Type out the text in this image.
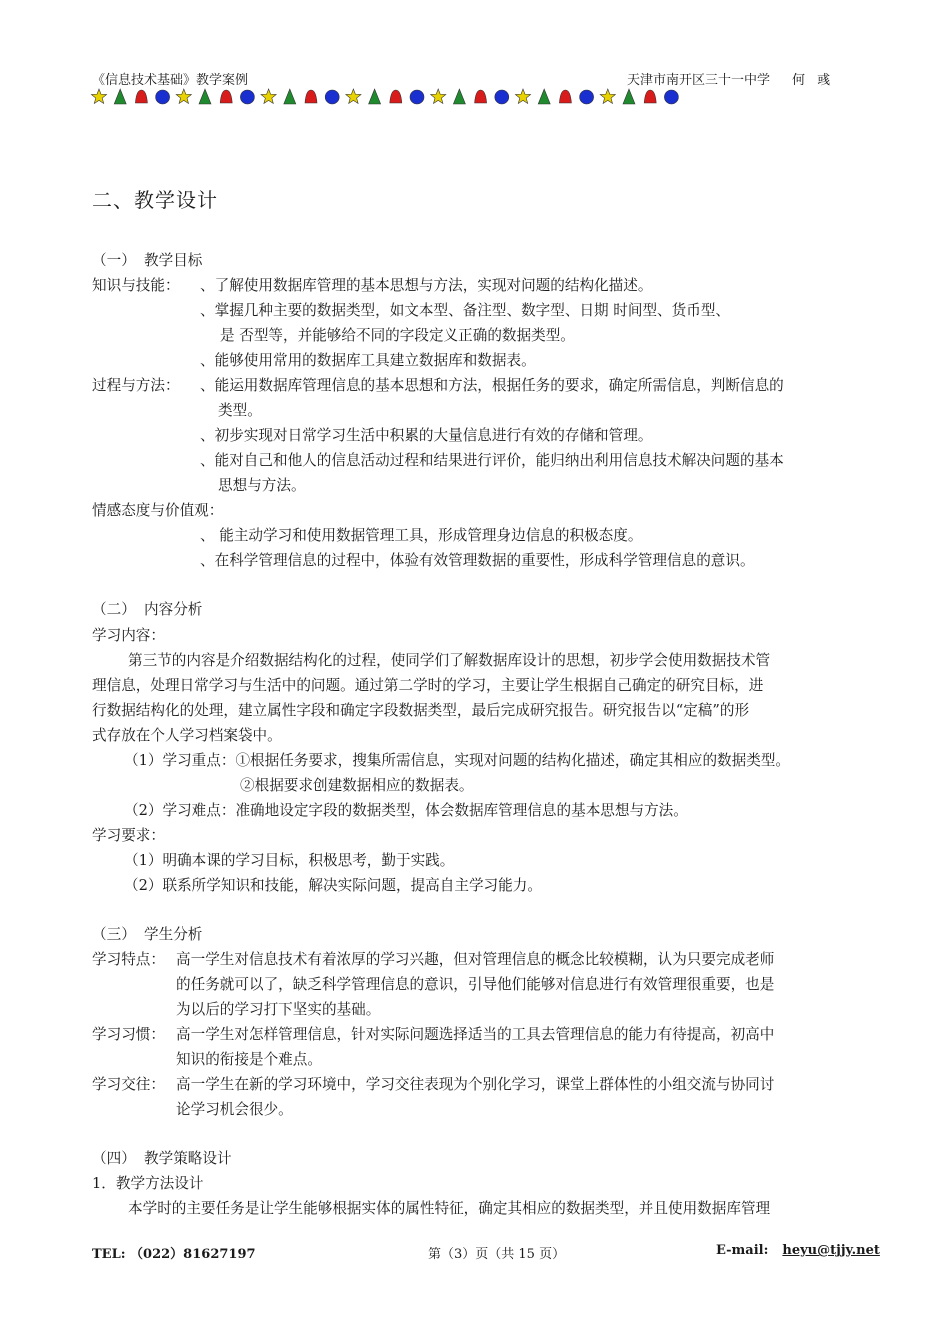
《信息技术基础》教学案例	天津市南开区三十一中学 何 彧
二、教学设计
（一） 教学目标
知识与技能： 、了解使用数据库管理的基本思想与方法，实现对问题的结构化描述。
、掌握几种主要的数据类型，如文本型、备注型、数字型、日期 时间型、货币型、
是 否型等，并能够给不同的字段定义正确的数据类型。
、能够使用常用的数据库工具建立数据库和数据表。
过程与方法： 、能运用数据库管理信息的基本思想和方法，根据任务的要求，确定所需信息，判断信息的
类型。
、初步实现对日常学习生活中积累的大量信息进行有效的存储和管理。
、能对自己和他人的信息活动过程和结果进行评价，能归纳出利用信息技术解决问题的基本
思想与方法。
情感态度与价值观：
、 能主动学习和使用数据管理工具，形成管理身边信息的积极态度。
、在科学管理信息的过程中，体验有效管理数据的重要性，形成科学管理信息的意识。
（二） 内容分析
学习内容：
第三节的内容是介绍数据结构化的过程，使同学们了解数据库设计的思想，初步学会使用数据技术管
理信息，处理日常学习与生活中的问题。通过第二学时的学习，主要让学生根据自己确定的研究目标，进
行数据结构化的处理，建立属性字段和确定字段数据类型，最后完成研究报告。研究报告以“定稿”的形
式存放在个人学习档案袋中。
（1）学习重点：①根据任务要求，搜集所需信息，实现对问题的结构化描述，确定其相应的数据类型。
②根据要求创建数据相应的数据表。
（2）学习难点：准确地设定字段的数据类型，体会数据库管理信息的基本思想与方法。
学习要求：
（1）明确本课的学习目标，积极思考，勤于实践。
（2）联系所学知识和技能，解决实际问题，提高自主学习能力。
（三） 学生分析
学习特点： 高一学生对信息技术有着浓厚的学习兴趣，但对管理信息的概念比较模糊，认为只要完成老师
的任务就可以了，缺乏科学管理信息的意识，引导他们能够对信息进行有效管理很重要，也是
为以后的学习打下坚实的基础。
学习习惯： 高一学生对怎样管理信息，针对实际问题选择适当的工具去管理信息的能力有待提高，初高中
知识的衔接是个难点。
学习交往： 高一学生在新的学习环境中，学习交往表现为个别化学习，课堂上群体性的小组交流与协同讨
论学习机会很少。
（四） 教学策略设计
1．教学方法设计
本学时的主要任务是让学生能够根据实体的属性特征，确定其相应的数据类型，并且使用数据库管理
TEL: （022）81627197	第（3）页（共 15 页）	E-mail: heyu@tjjy.net
